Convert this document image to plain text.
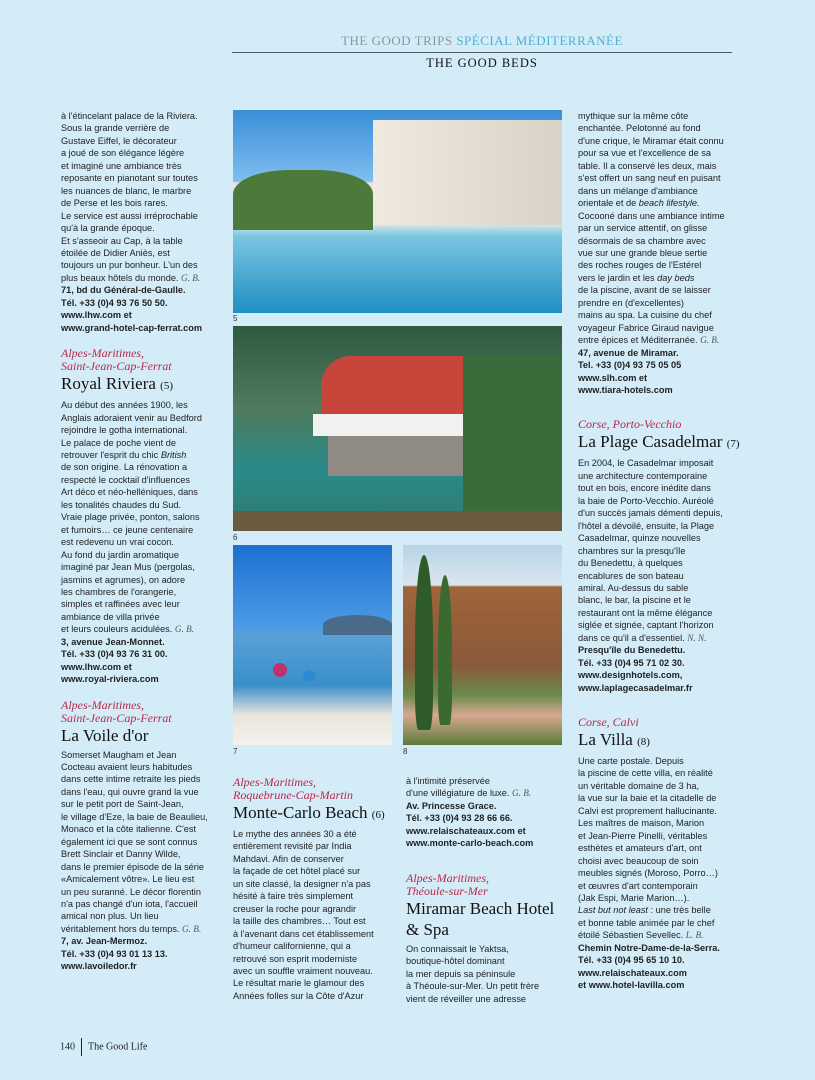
THE GOOD TRIPS SPÉCIAL MÉDITERRANÉE
THE GOOD BEDS
à l'étincelant palace de la Riviera.
Sous la grande verrière de
Gustave Eiffel, le décorateur
a joué de son élégance légère
et imaginé une ambiance très
reposante en pianotant sur toutes
les nuances de blanc, le marbre
de Perse et les bois rares.
Le service est aussi irréprochable
qu'à la grande époque.
Et s'asseoir au Cap, à la table
étoilée de Didier Aniès, est
toujours un pur bonheur. L'un des
plus beaux hôtels du monde. G. B.
71, bd du Général-de-Gaulle.
Tél. +33 (0)4 93 76 50 50.
www.lhw.com et
www.grand-hotel-cap-ferrat.com
Alpes-Maritimes,
Saint-Jean-Cap-Ferrat
Royal Riviera (5)
Au début des années 1900, les
Anglais adoraient venir au Bedford
rejoindre le gotha international.
Le palace de poche vient de
retrouver l'esprit du chic British
de son origine. La rénovation a
respecté le cocktail d'influences
Art déco et néo-helléniques, dans
les tonalités chaudes du Sud.
Vraie plage privée, ponton, salons
et fumoirs… ce jeune centenaire
est redevenu un vrai cocon.
Au fond du jardin aromatique
imaginé par Jean Mus (pergolas,
jasmins et agrumes), on adore
les chambres de l'orangerie,
simples et raffinées avec leur
ambiance de villa privée
et leurs couleurs acidulées. G. B.
3, avenue Jean-Monnet.
Tél. +33 (0)4 93 76 31 00.
www.lhw.com et
www.royal-riviera.com
Alpes-Maritimes,
Saint-Jean-Cap-Ferrat
La Voile d'or
Somerset Maugham et Jean
Cocteau avaient leurs habitudes
dans cette intime retraite les pieds
dans l'eau, qui ouvre grand la vue
sur le petit port de Saint-Jean,
le village d'Eze, la baie de Beaulieu,
Monaco et la côte italienne. C'est
également ici que se sont connus
Brett Sinclair et Danny Wilde,
dans le premier épisode de la série
«Amicalement vôtre». Le lieu est
un peu suranné. Le décor florentin
n'a pas changé d'un iota, l'accueil
amical non plus. Un lieu
véritablement hors du temps. G. B.
7, av. Jean-Mermoz.
Tél. +33 (0)4 93 01 13 13.
www.lavoiledor.fr
5
6
7	8
Alpes-Maritimes,
Roquebrune-Cap-Martin
Monte-Carlo Beach (6)
Le mythe des années 30 a été
entièrement revisité par India
Mahdavi. Afin de conserver
la façade de cet hôtel placé sur
un site classé, la designer n'a pas
hésité à faire très simplement
creuser la roche pour agrandir
la taille des chambres… Tout est
à l'avenant dans cet établissement
d'humeur californienne, qui a
retrouvé son esprit moderniste
avec un souffle vraiment nouveau.
Le résultat marie le glamour des
Années folles sur la Côte d'Azur
à l'intimité préservée
d'une villégiature de luxe. G. B.
Av. Princesse Grace.
Tél. +33 (0)4 93 28 66 66.
www.relaischateaux.com et
www.monte-carlo-beach.com
Alpes-Maritimes,
Théoule-sur-Mer
Miramar Beach Hotel
& Spa
On connaissait le Yaktsa,
boutique-hôtel dominant
la mer depuis sa péninsule
à Théoule-sur-Mer. Un petit frère
vient de réveiller une adresse
mythique sur la même côte
enchantée. Pelotonné au fond
d'une crique, le Miramar était connu
pour sa vue et l'excellence de sa
table. Il a conservé les deux, mais
s'est offert un sang neuf en puisant
dans un mélange d'ambiance
orientale et de beach lifestyle.
Cocooné dans une ambiance intime
par un service attentif, on glisse
désormais de sa chambre avec
vue sur une grande bleue sertie
des roches rouges de l'Estérel
vers le jardin et les day beds
de la piscine, avant de se laisser
prendre en (d'excellentes)
mains au spa. La cuisine du chef
voyageur Fabrice Giraud navigue
entre épices et Méditerranée. G. B.
47, avenue de Miramar.
Tel. +33 (0)4 93 75 05 05
www.slh.com et
www.tiara-hotels.com
Corse, Porto-Vecchio
La Plage Casadelmar (7)
En 2004, le Casadelmar imposait
une architecture contemporaine
tout en bois, encore inédite dans
la baie de Porto-Vecchio. Auréolé
d'un succès jamais démenti depuis,
l'hôtel a dévoilé, ensuite, la Plage
Casadelmar, quinze nouvelles
chambres sur la presqu'île
du Benedettu, à quelques
encablures de son bateau
amiral. Au-dessus du sable
blanc, le bar, la piscine et le
restaurant ont la même élégance
siglée et signée, captant l'horizon
dans ce qu'il a d'essentiel. N. N.
Presqu'île du Benedettu.
Tél. +33 (0)4 95 71 02 30.
www.designhotels.com,
www.laplagecasadelmar.fr
Corse, Calvi
La Villa (8)
Une carte postale. Depuis
la piscine de cette villa, en réalité
un véritable domaine de 3 ha,
la vue sur la baie et la citadelle de
Calvi est proprement hallucinante.
Les maîtres de maison, Marion
et Jean-Pierre Pinelli, véritables
esthètes et amateurs d'art, ont
choisi avec beaucoup de soin
meubles signés (Moroso, Porro…)
et œuvres d'art contemporain
(Jak Espi, Marie Marion…).
Last but not least : une très belle
et bonne table animée par le chef
étoilé Sébastien Sevellec. L. B.
Chemin Notre-Dame-de-la-Serra.
Tél. +33 (0)4 95 65 10 10.
www.relaischateaux.com
et www.hotel-lavilla.com
140 The Good Life
